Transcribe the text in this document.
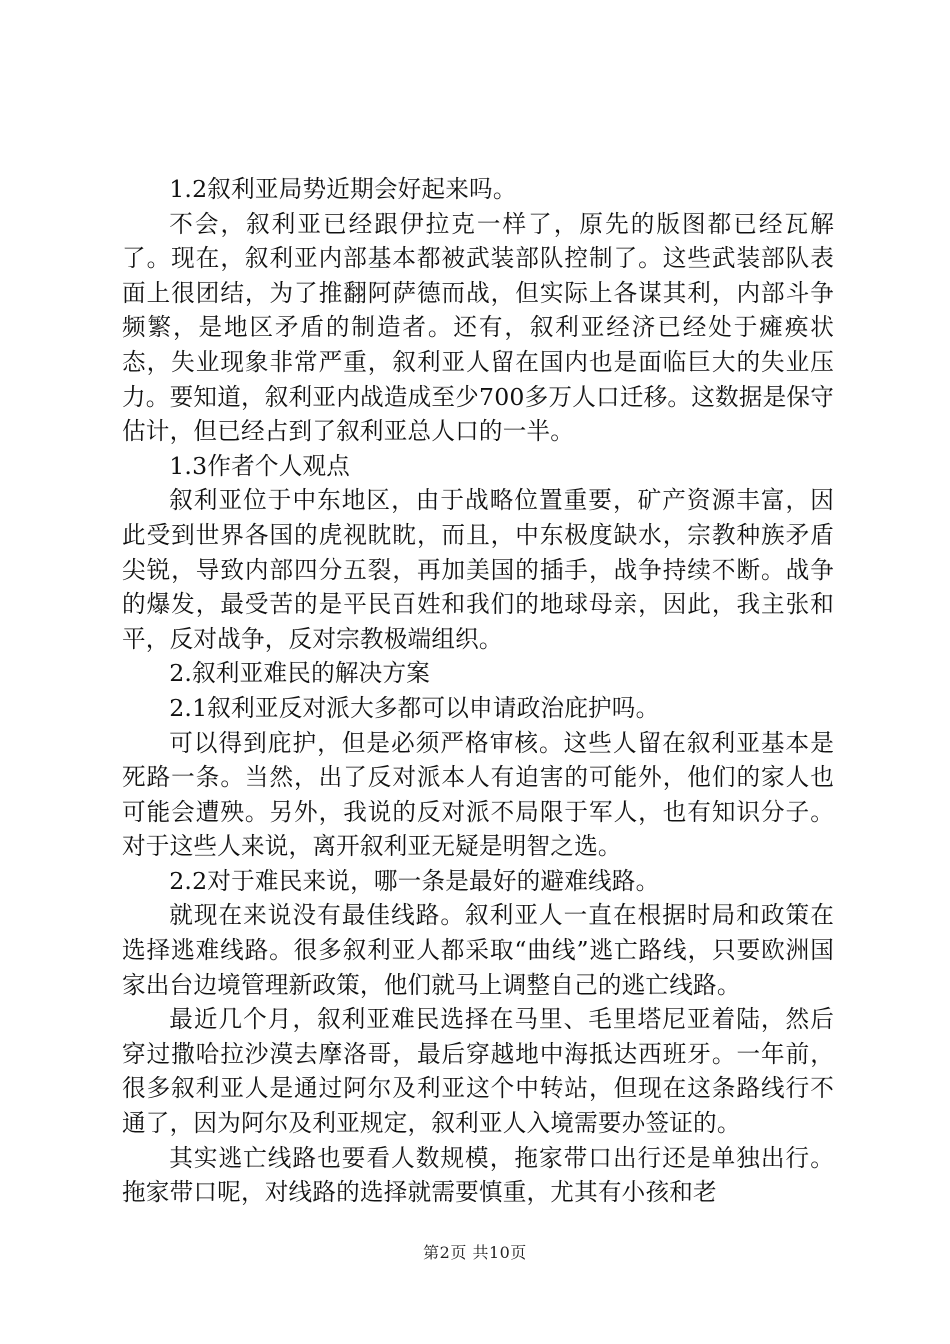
1.2叙利亚局势近期会好起来吗。

不会，叙利亚已经跟伊拉克一样了，原先的版图都已经瓦解了。现在，叙利亚内部基本都被武装部队控制了。这些武装部队表面上很团结，为了推翻阿萨德而战，但实际上各谋其利，内部斗争频繁，是地区矛盾的制造者。还有，叙利亚经济已经处于瘫痪状态，失业现象非常严重，叙利亚人留在国内也是面临巨大的失业压力。要知道，叙利亚内战造成至少700多万人口迁移。这数据是保守估计，但已经占到了叙利亚总人口的一半。

1.3作者个人观点

叙利亚位于中东地区，由于战略位置重要，矿产资源丰富，因此受到世界各国的虎视眈眈，而且，中东极度缺水，宗教种族矛盾尖锐，导致内部四分五裂，再加美国的插手，战争持续不断。战争的爆发，最受苦的是平民百姓和我们的地球母亲，因此，我主张和平，反对战争，反对宗教极端组织。

2.叙利亚难民的解决方案

2.1叙利亚反对派大多都可以申请政治庇护吗。

可以得到庇护，但是必须严格审核。这些人留在叙利亚基本是死路一条。当然，出了反对派本人有迫害的可能外，他们的家人也可能会遭殃。另外，我说的反对派不局限于军人，也有知识分子。对于这些人来说，离开叙利亚无疑是明智之选。

2.2对于难民来说，哪一条是最好的避难线路。

就现在来说没有最佳线路。叙利亚人一直在根据时局和政策在选择逃难线路。很多叙利亚人都采取“曲线”逃亡路线，只要欧洲国家出台边境管理新政策，他们就马上调整自己的逃亡线路。

最近几个月，叙利亚难民选择在马里、毛里塔尼亚着陆，然后穿过撒哈拉沙漠去摩洛哥，最后穿越地中海抵达西班牙。一年前，很多叙利亚人是通过阿尔及利亚这个中转站，但现在这条路线行不通了，因为阿尔及利亚规定，叙利亚人入境需要办签证的。

其实逃亡线路也要看人数规模，拖家带口出行还是单独出行。拖家带口呢，对线路的选择就需要慎重，尤其有小孩和老

第2页 共10页
